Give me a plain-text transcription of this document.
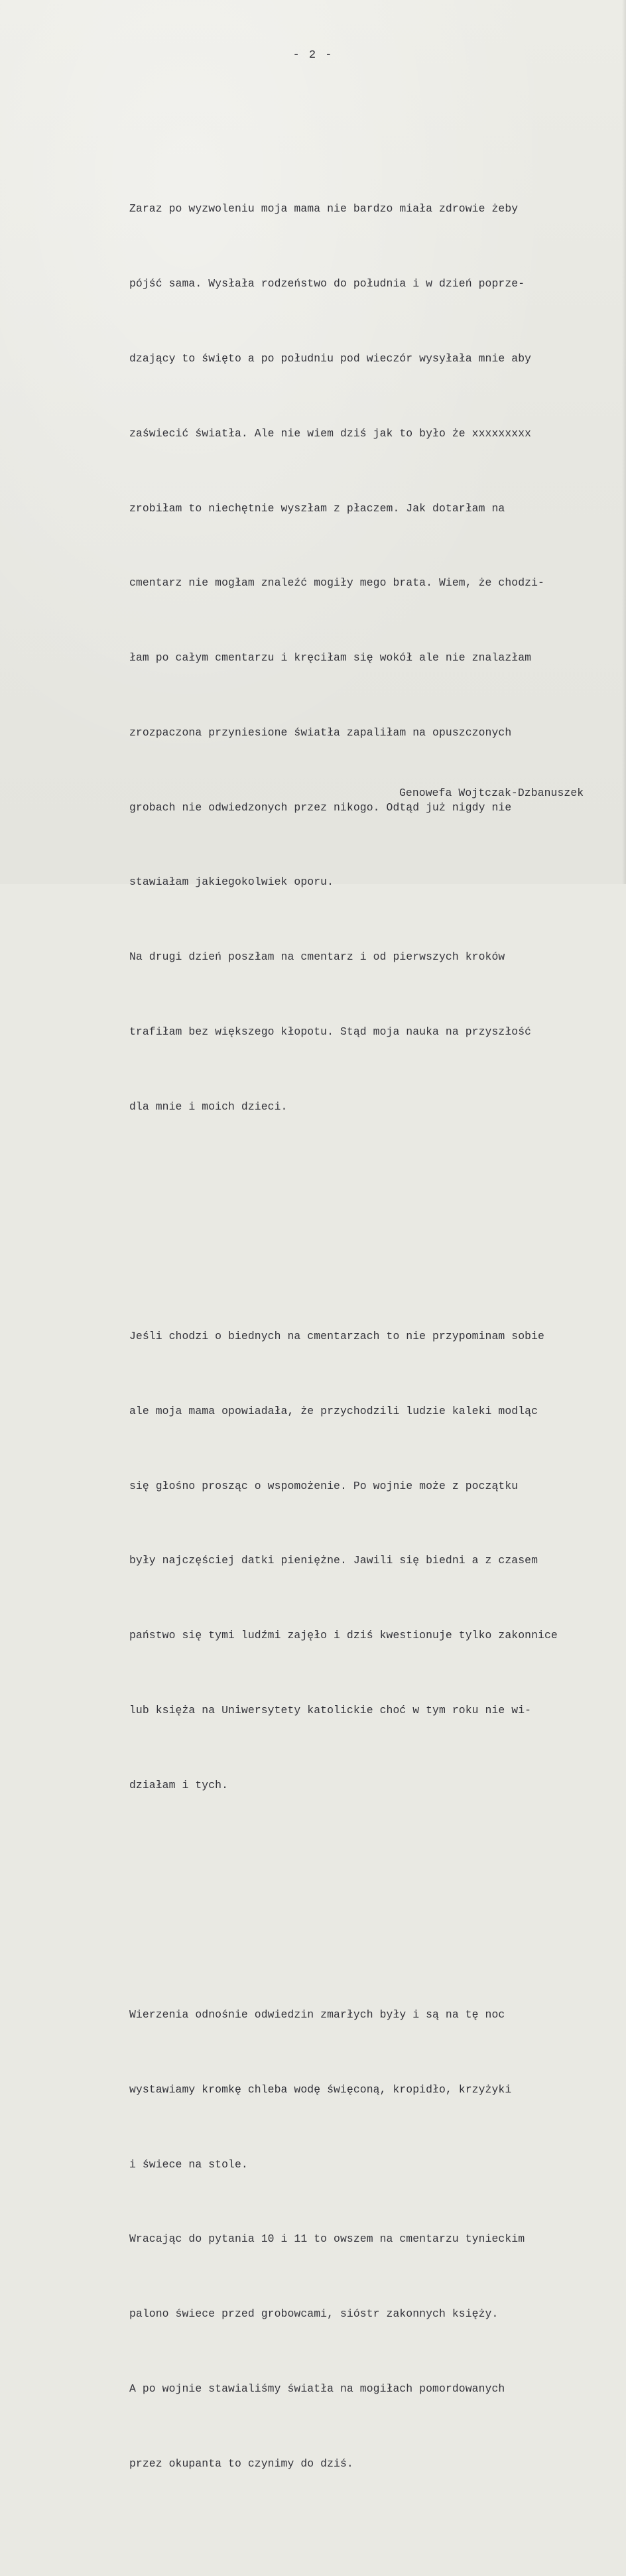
- 2 -

Zaraz po wyzwoleniu moja mama nie bardzo miała zdrowie żeby

pójść sama. Wysłała rodzeństwo do południa i w dzień poprze-

dzający to święto a po południu pod wieczór wysyłała mnie aby

zaświecić światła. Ale nie wiem dziś jak to było że xxxxxxxxx

zrobiłam to niechętnie wyszłam z płaczem. Jak dotarłam na

cmentarz nie mogłam znaleźć mogiły mego brata. Wiem, że chodzi-

łam po całym cmentarzu i kręciłam się wokół ale nie znalazłam

zrozpaczona przyniesione światła zapaliłam na opuszczonych

grobach nie odwiedzonych przez nikogo. Odtąd już nigdy nie

stawiałam jakiegokolwiek oporu.

Na drugi dzień poszłam na cmentarz i od pierwszych kroków

trafiłam bez większego kłopotu. Stąd moja nauka na przyszłość

dla mnie i moich dzieci.

Jeśli chodzi o biednych na cmentarzach to nie przypominam sobie

ale moja mama opowiadała, że przychodzili ludzie kaleki modląc

się głośno prosząc o wspomożenie. Po wojnie może z początku

były najczęściej datki pieniężne. Jawili się biedni a z czasem

państwo się tymi ludźmi zajęło i dziś kwestionuje tylko zakonnice

lub księża na Uniwersytety katolickie choć w tym roku nie wi-

działam i tych.

Wierzenia odnośnie odwiedzin zmarłych były i są na tę noc

wystawiamy kromkę chleba wodę święconą, kropidło, krzyżyki

i świece na stole.

Wracając do pytania 10 i 11 to owszem na cmentarzu tynieckim

palono świece przed grobowcami, sióstr zakonnych księży.

A po wojnie stawialiśmy światła na mogiłach pomordowanych

przez okupanta to czynimy do dziś.

Genowefa Wojtczak-Dzbanuszek
